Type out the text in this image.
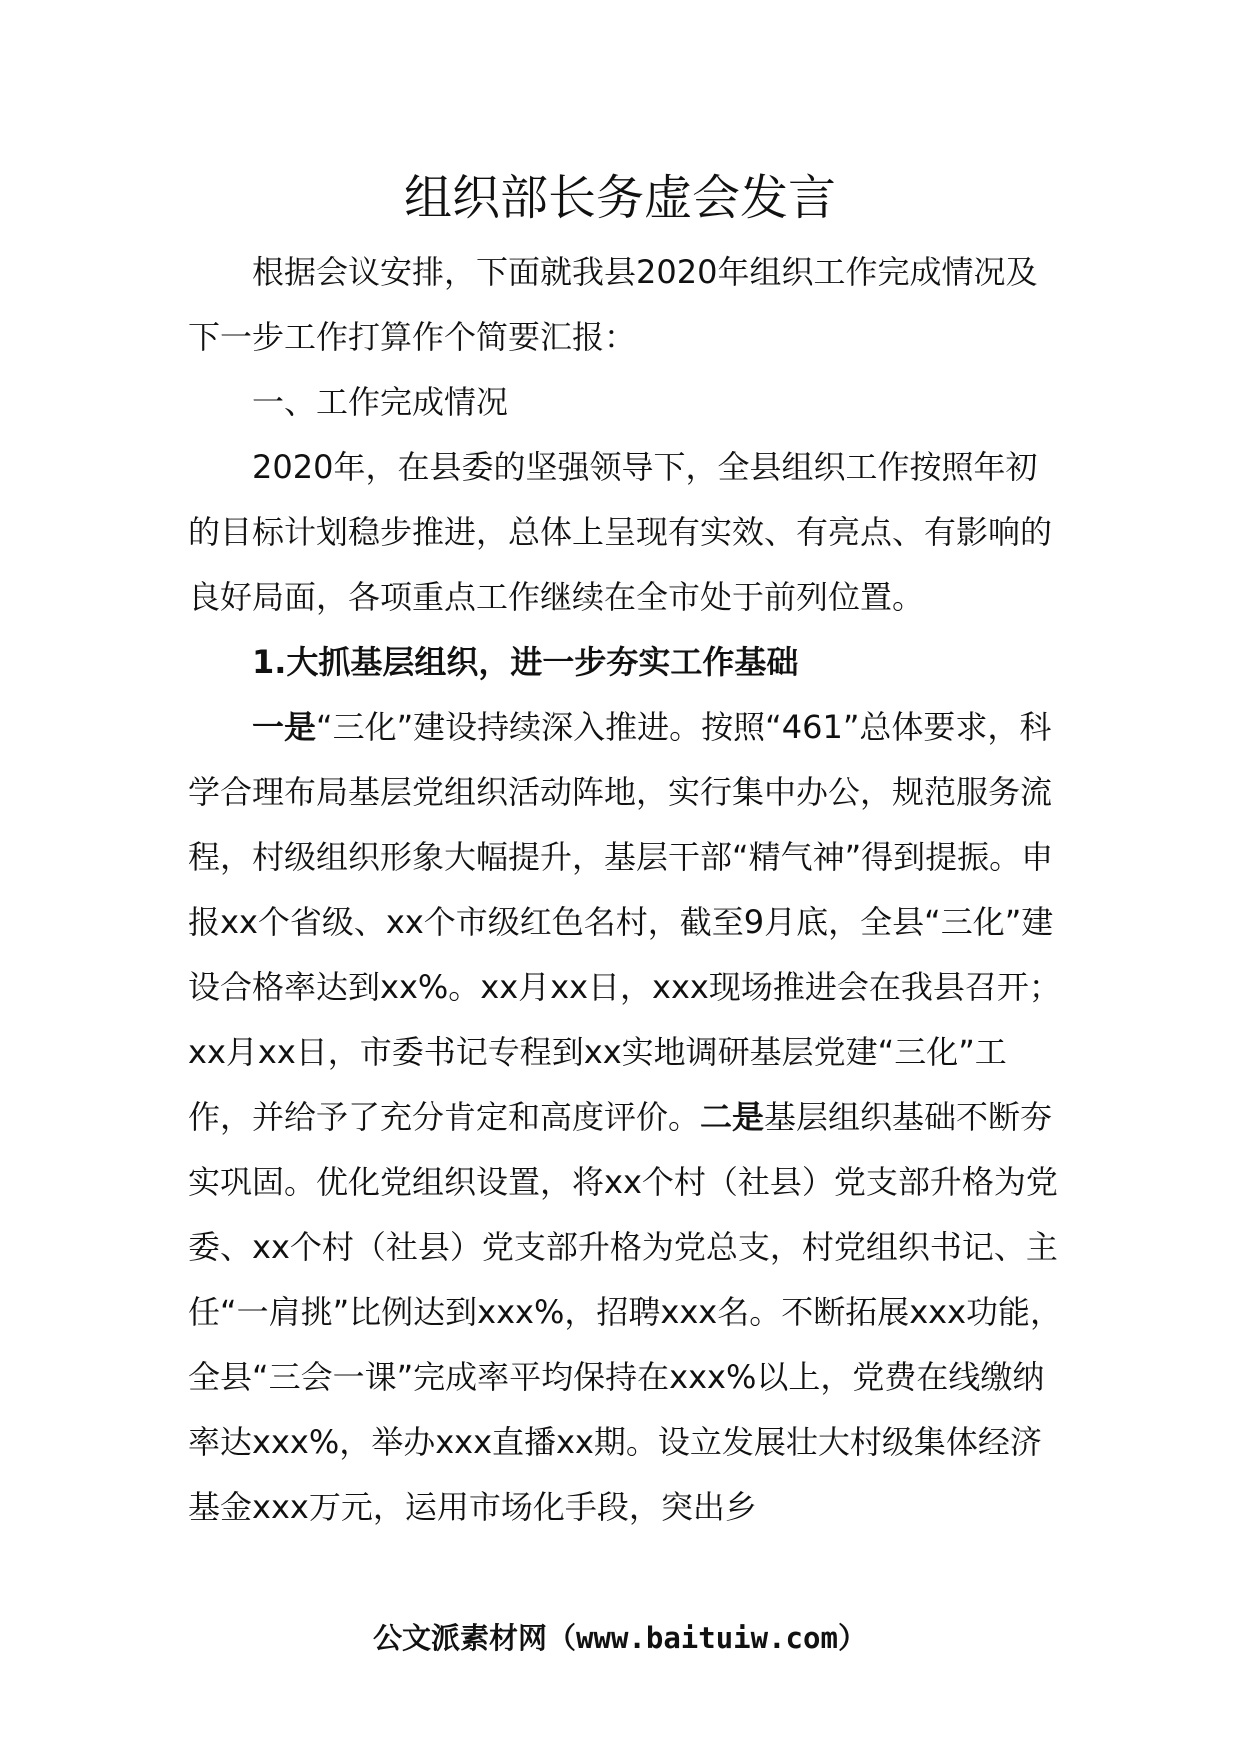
组织部长务虚会发言

根据会议安排，下面就我县2020年组织工作完成情况及下一步工作打算作个简要汇报：

一、工作完成情况

2020年，在县委的坚强领导下，全县组织工作按照年初的目标计划稳步推进，总体上呈现有实效、有亮点、有影响的良好局面，各项重点工作继续在全市处于前列位置。

1.大抓基层组织，进一步夯实工作基础

一是“三化”建设持续深入推进。按照“461”总体要求，科学合理布局基层党组织活动阵地，实行集中办公，规范服务流程，村级组织形象大幅提升，基层干部“精气神”得到提振。申报xx个省级、xx个市级红色名村，截至9月底，全县“三化”建设合格率达到xx%。xx月xx日，xxx现场推进会在我县召开；xx月xx日，市委书记专程到xx实地调研基层党建“三化”工作，并给予了充分肯定和高度评价。二是基层组织基础不断夯实巩固。优化党组织设置，将xx个村（社县）党支部升格为党委、xx个村（社县）党支部升格为党总支，村党组织书记、主任“一肩挑”比例达到xxx%，招聘xxx名。不断拓展xxx功能，全县“三会一课”完成率平均保持在xxx%以上，党费在线缴纳率达xxx%，举办xxx直播xx期。设立发展壮大村级集体经济基金xxx万元，运用市场化手段，突出乡

公文派素材网（www.baituiw.com）
